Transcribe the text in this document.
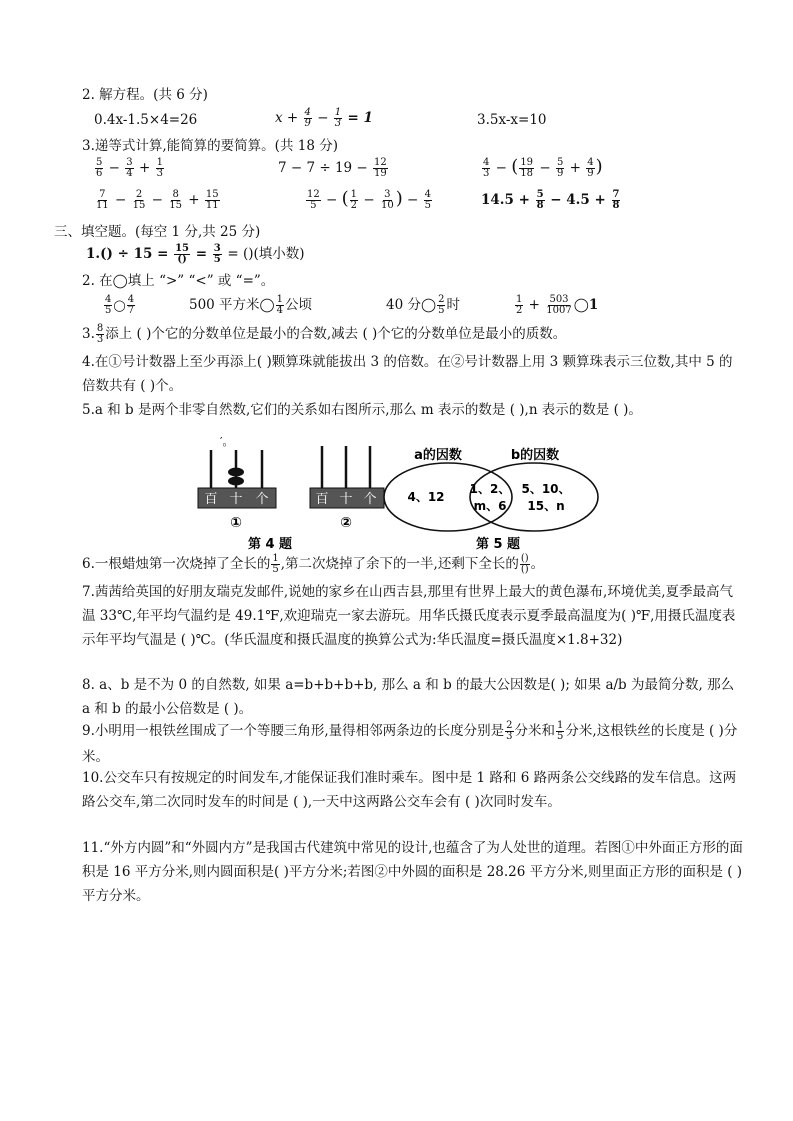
2. 解方程。(共 6 分)
0.4x-1.5×4=26	$x + \frac{4}{9} - \frac{1}{3} = 1$	3.5x-x=10
3.递等式计算,能简算的要简算。(共 18 分)
$\frac{5}{6} - \frac{3}{4} + \frac{1}{3}$	$7 - 7 \div 19 - \frac{12}{19}$	$\frac{4}{3}$ − ( $\frac{19}{18} - \frac{5}{9} + \frac{4}{9}$ )
$\frac{7}{11} - \frac{2}{15} - \frac{8}{15} + \frac{15}{11}$	$\frac{12}{5}$ − ( $\frac{1}{2} - \frac{3}{10}$ ) − $\frac{4}{5}$	$14.5 + \frac{5}{8} - 4.5 + \frac{7}{8}$
三、填空题。(每空 1 分,共 25 分)
$1.() \div 15 = \frac{15}{()} = \frac{3}{5}$ = ()(填小数)
2. 在◯填上 “>” “<” 或 “=”。
$\frac{4}{5}$ ◯ $\frac{4}{7}$	500 平方米◯ $\frac{1}{4}$ 公顷	40 分◯ $\frac{2}{5}$ 时	$\frac{1}{2} + \frac{503}{1007}$ ◯1
3. $\frac{8}{3}$ 添上 ( )个它的分数单位是最小的合数,减去 ( )个它的分数单位是最小的质数。
4.在①号计数器上至少再添上( )颗算珠就能拔出 3 的倍数。在②号计数器上用 3 颗算珠表示三位数,其中 5 的倍数共有 ( )个。
5.a 和 b 是两个非零自然数,它们的关系如右图所示,那么 m 表示的数是 ( ),n 表示的数是 ( )。
′。
百 十 个
①
百 十 个
②
第 4 题
a的因数	b的因数
4、12
1、2、
m、6
5、10、
15、n
第 5 题
6.一根蜡烛第一次烧掉了全长的 $\frac{1}{5}$ ,第二次烧掉了余下的一半,还剩下全长的 $\frac{()}{()}$ 。
7.茜茜给英国的好朋友瑞克发邮件,说她的家乡在山西吉县,那里有世界上最大的黄色瀑布,环境优美,夏季最高气温 33℃,年平均气温约是 49.1℉,欢迎瑞克一家去游玩。用华氏摄氏度表示夏季最高温度为( )℉,用摄氏温度表示年平均气温是 ( )℃。(华氏温度和摄氏温度的换算公式为:华氏温度=摄氏温度×1.8+32)
8. a、b 是不为 0 的自然数, 如果 a=b+b+b+b, 那么 a 和 b 的最大公因数是( ); 如果 a/b 为最简分数, 那么 a 和 b 的最小公倍数是 ( )。
9.小明用一根铁丝围成了一个等腰三角形,量得相邻两条边的长度分别是 $\frac{2}{3}$ 分米和 $\frac{1}{5}$ 分米,这根铁丝的长度是 ( )分米。
10.公交车只有按规定的时间发车,才能保证我们准时乘车。图中是 1 路和 6 路两条公交线路的发车信息。这两路公交车,第二次同时发车的时间是 ( ),一天中这两路公交车会有 ( )次同时发车。
11.“外方内圆”和“外圆内方”是我国古代建筑中常见的设计,也蕴含了为人处世的道理。若图①中外面正方形的面积是 16 平方分米,则内圆面积是( )平方分米;若图②中外圆的面积是 28.26 平方分米,则里面正方形的面积是 ( )平方分米。
